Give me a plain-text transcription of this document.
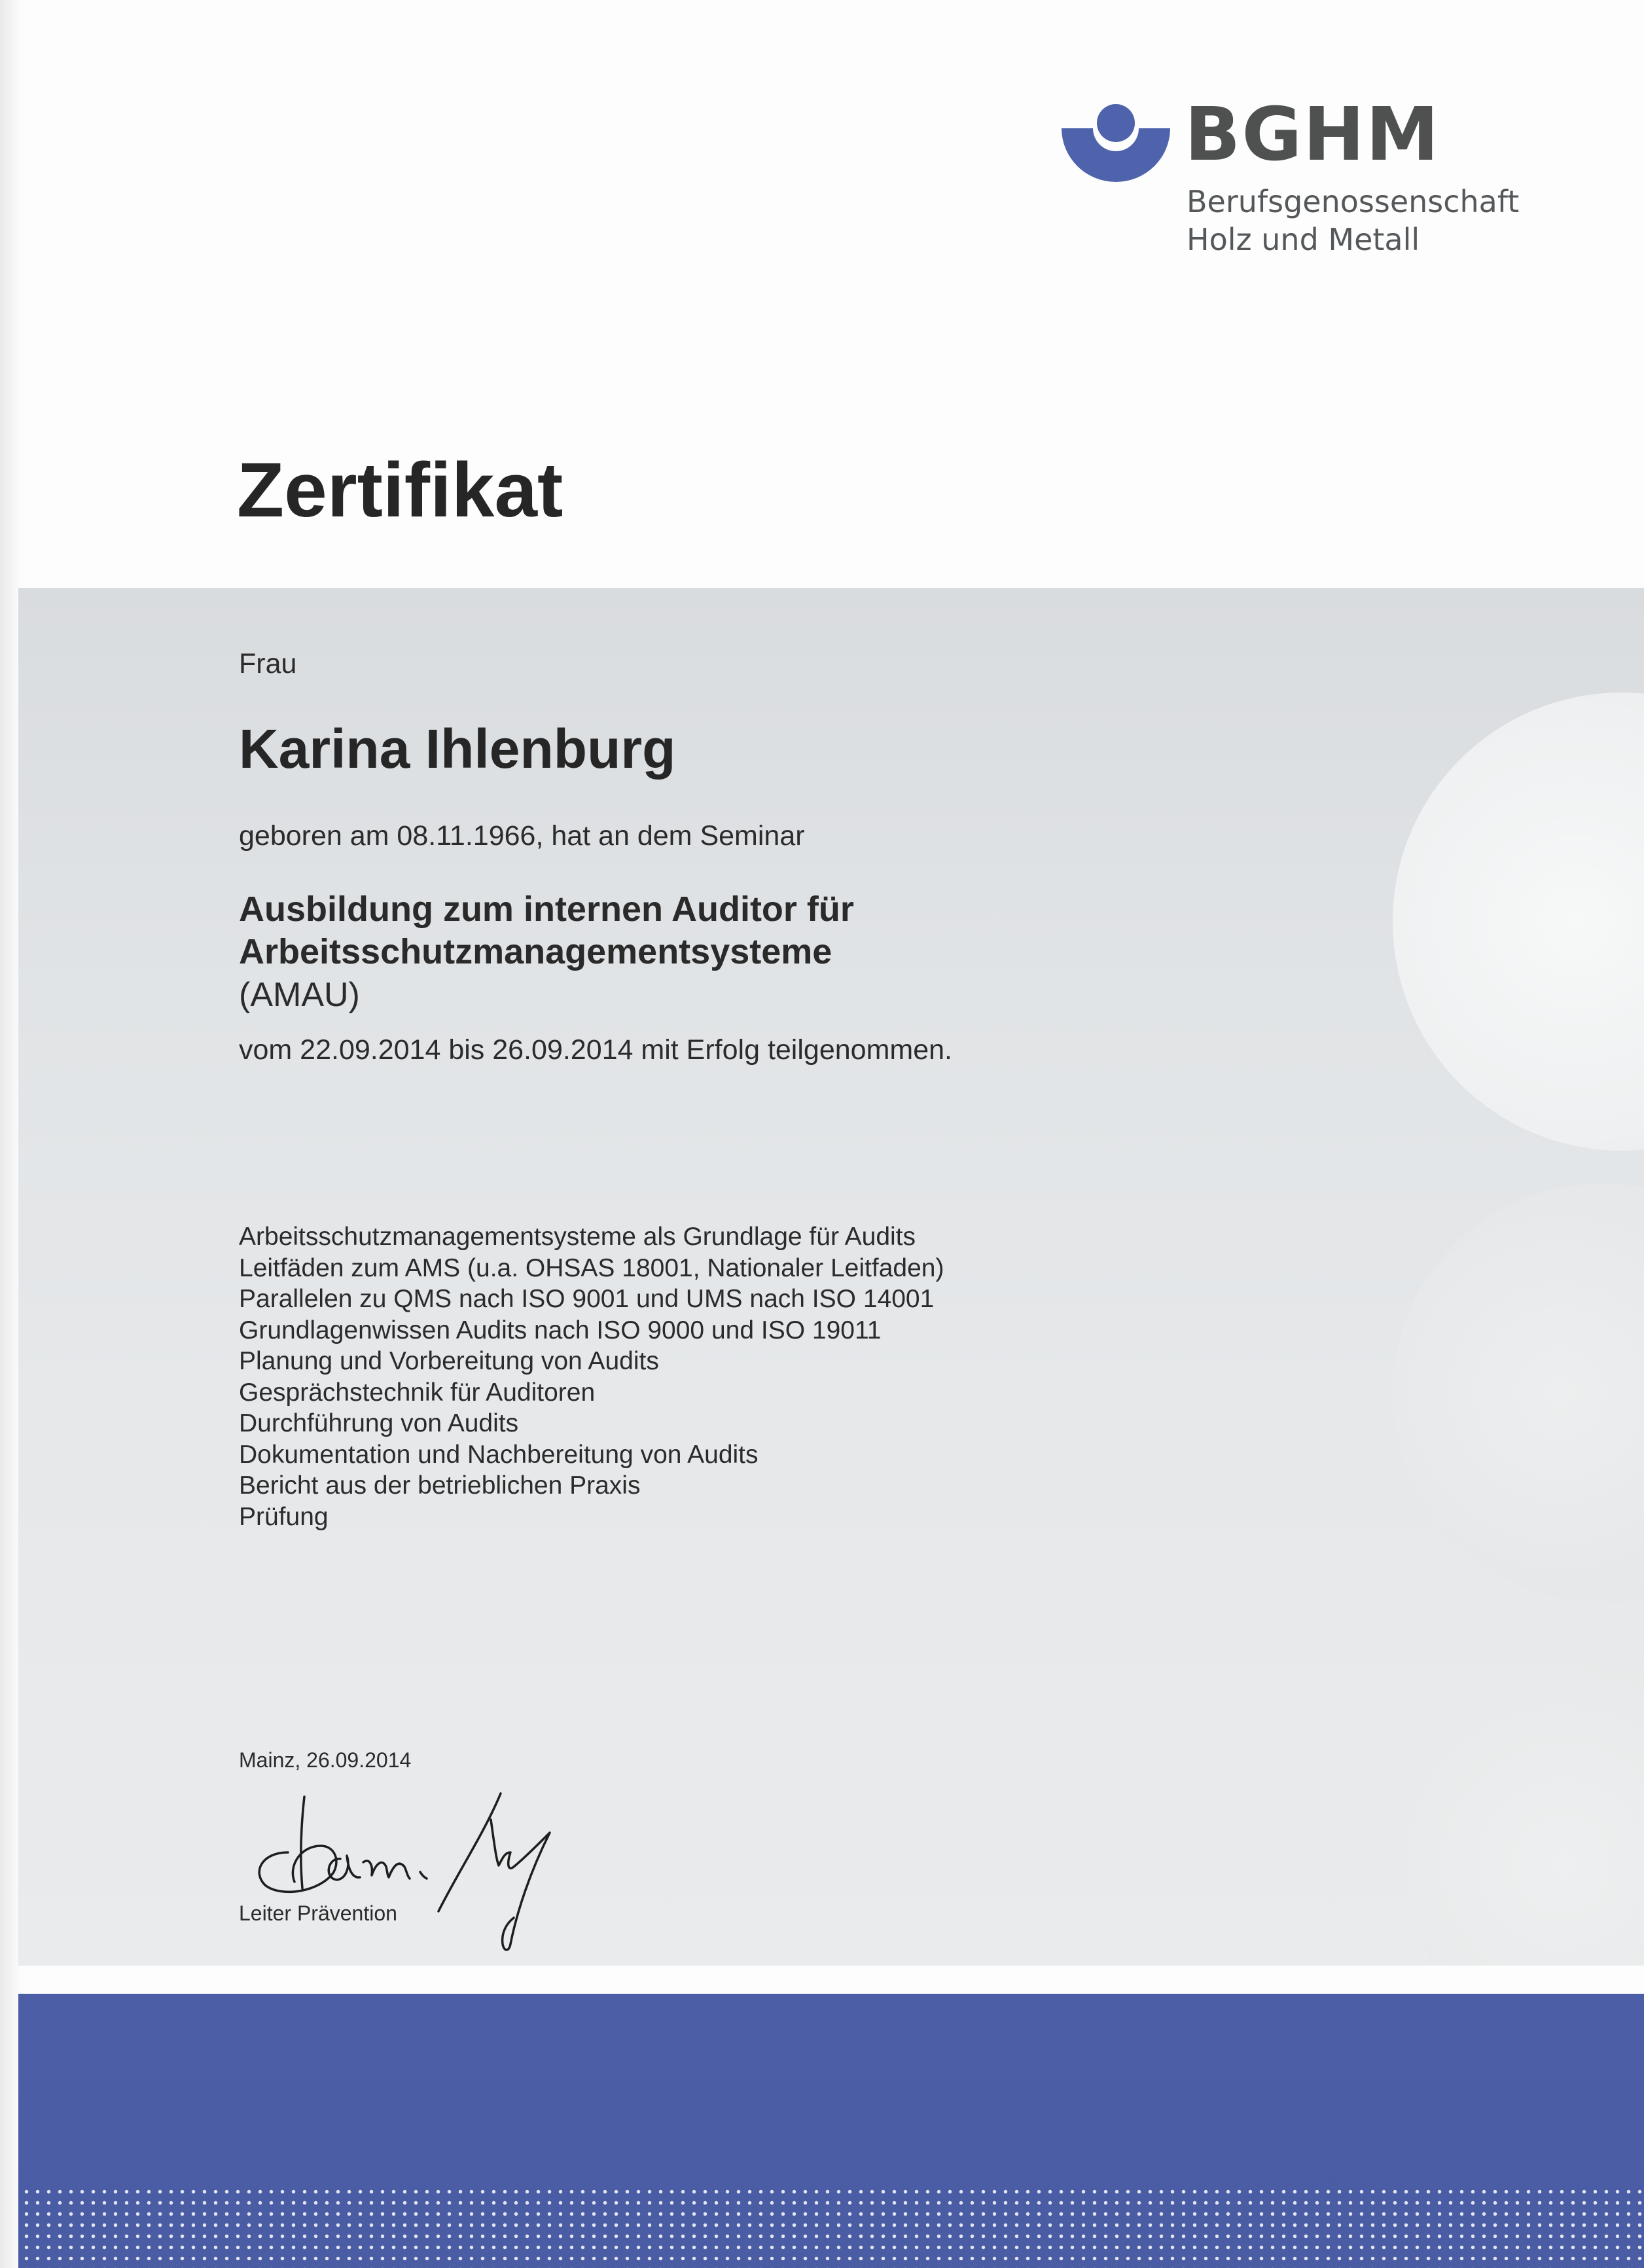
BGHM
Berufsgenossenschaft
Holz und Metall
Zertifikat
Frau
Karina Ihlenburg
geboren am 08.11.1966, hat an dem Seminar
Ausbildung zum internen Auditor für
Arbeitsschutzmanagementsysteme
(AMAU)
vom 22.09.2014 bis 26.09.2014 mit Erfolg teilgenommen.
Arbeitsschutzmanagementsysteme als Grundlage für Audits
Leitfäden zum AMS (u.a. OHSAS 18001, Nationaler Leitfaden)
Parallelen zu QMS nach ISO 9001 und UMS nach ISO 14001
Grundlagenwissen Audits nach ISO 9000 und ISO 19011
Planung und Vorbereitung von Audits
Gesprächstechnik für Auditoren
Durchführung von Audits
Dokumentation und Nachbereitung von Audits
Bericht aus der betrieblichen Praxis
Prüfung
Mainz, 26.09.2014
Leiter Prävention
